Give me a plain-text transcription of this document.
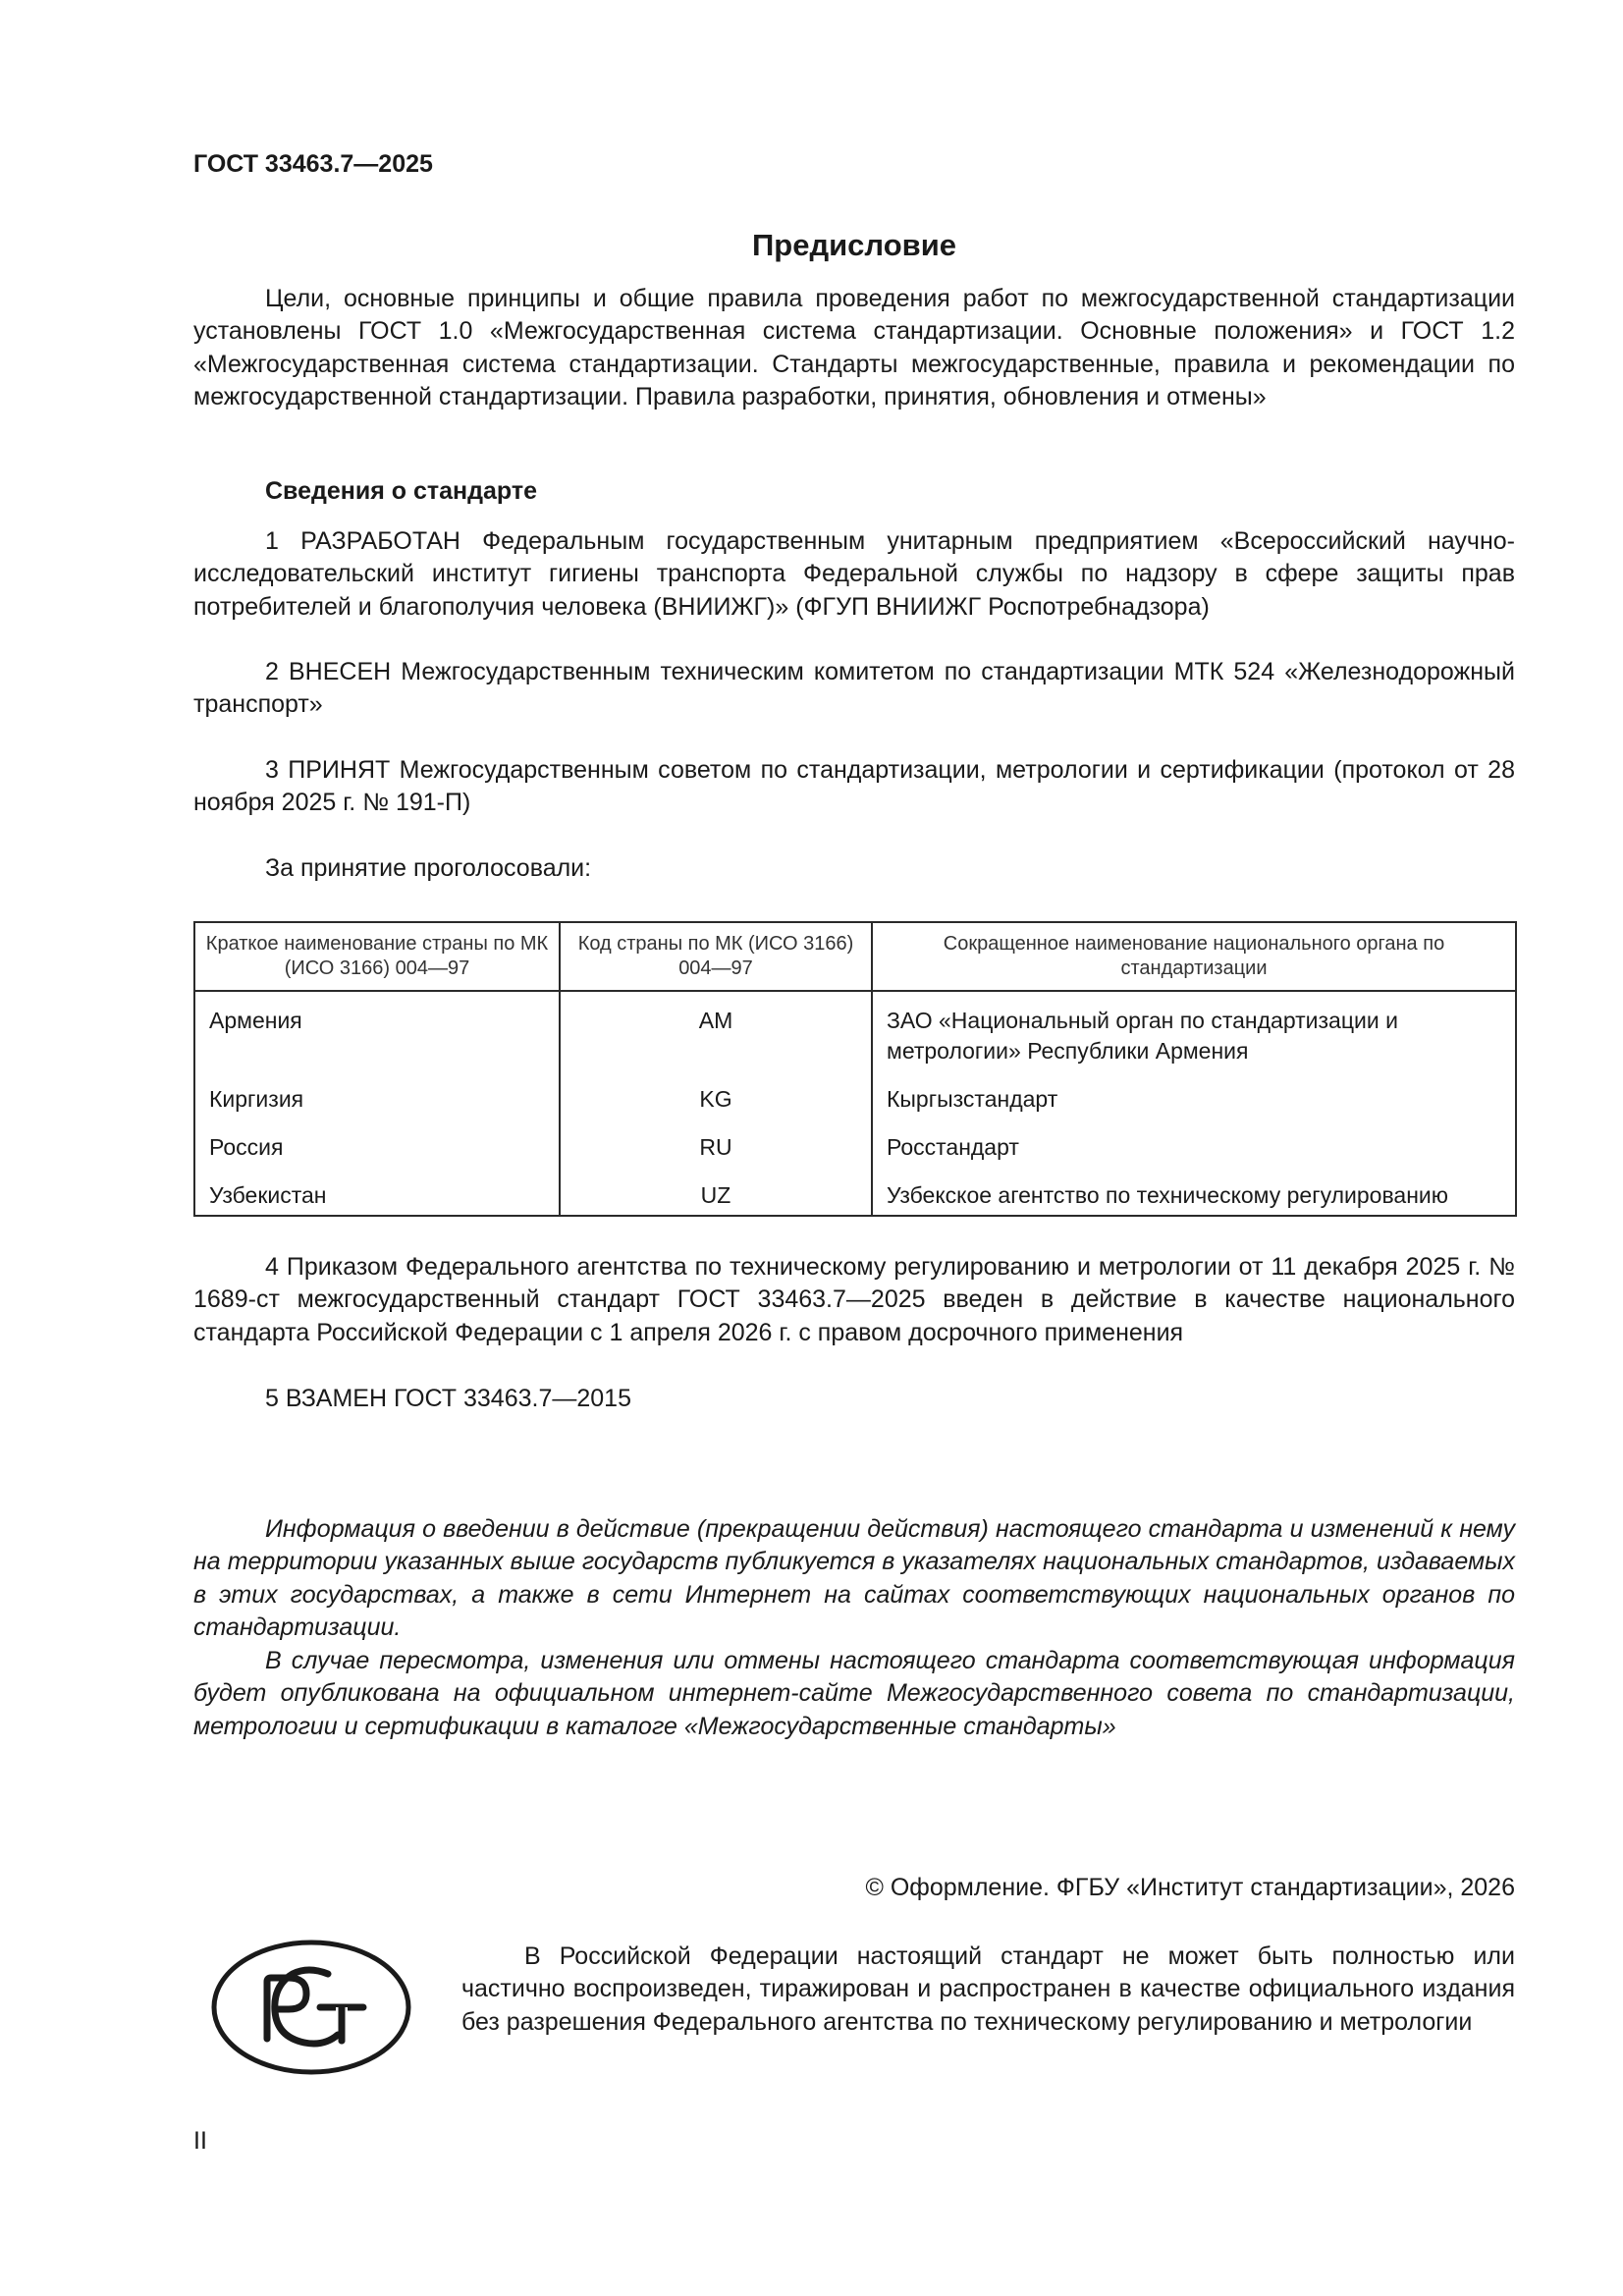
ГОСТ 33463.7—2025
Предисловие
Цели, основные принципы и общие правила проведения работ по межгосударственной стандартизации установлены ГОСТ 1.0 «Межгосударственная система стандартизации. Основные положения» и ГОСТ 1.2 «Межгосударственная система стандартизации. Стандарты межгосударственные, правила и рекомендации по межгосударственной стандартизации. Правила разработки, принятия, обновления и отмены»
Сведения о стандарте
1 РАЗРАБОТАН Федеральным государственным унитарным предприятием «Всероссийский научно-исследовательский институт гигиены транспорта Федеральной службы по надзору в сфере защиты прав потребителей и благополучия человека (ВНИИЖГ)» (ФГУП ВНИИЖГ Роспотребнадзора)
2 ВНЕСЕН Межгосударственным техническим комитетом по стандартизации МТК 524 «Железнодорожный транспорт»
3 ПРИНЯТ Межгосударственным советом по стандартизации, метрологии и сертификации (протокол от 28 ноября 2025 г. № 191-П)
За принятие проголосовали:
Краткое наименование страны по МК (ИСО 3166) 004—97	Код страны по МК (ИСО 3166) 004—97	Сокращенное наименование национального органа по стандартизации
Армения	AM	ЗАО «Национальный орган по стандартизации и метрологии» Республики Армения
Киргизия	KG	Кыргызстандарт
Россия	RU	Росстандарт
Узбекистан	UZ	Узбекское агентство по техническому регулированию
4 Приказом Федерального агентства по техническому регулированию и метрологии от 11 декабря 2025 г. № 1689-ст межгосударственный стандарт ГОСТ 33463.7—2025 введен в действие в качестве национального стандарта Российской Федерации с 1 апреля 2026 г. с правом досрочного применения
5 ВЗАМЕН ГОСТ 33463.7—2015
Информация о введении в действие (прекращении действия) настоящего стандарта и изменений к нему на территории указанных выше государств публикуется в указателях национальных стандартов, издаваемых в этих государствах, а также в сети Интернет на сайтах соответствующих национальных органов по стандартизации.
В случае пересмотра, изменения или отмены настоящего стандарта соответствующая информация будет опубликована на официальном интернет-сайте Межгосударственного совета по стандартизации, метрологии и сертификации в каталоге «Межгосударственные стандарты»
© Оформление. ФГБУ «Институт стандартизации», 2026
В Российской Федерации настоящий стандарт не может быть полностью или частично воспроизведен, тиражирован и распространен в качестве официального издания без разрешения Федерального агентства по техническому регулированию и метрологии
II
